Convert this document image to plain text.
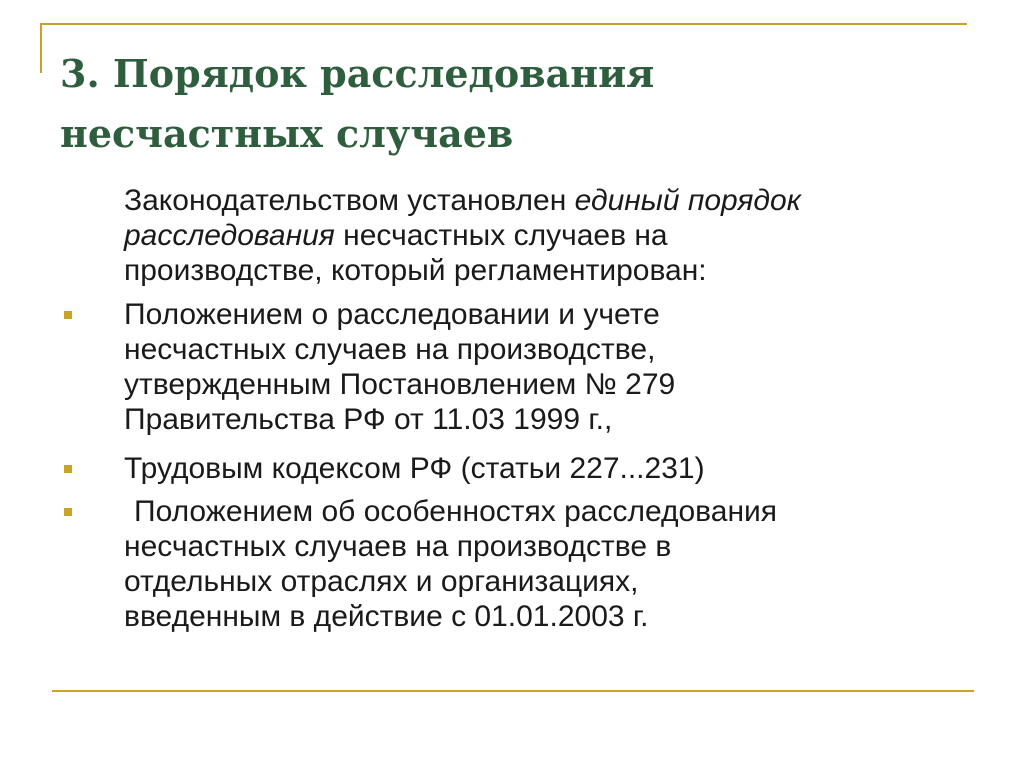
3. Порядок расследования
несчастных случаев

Законодательством установлен единый порядок
расследования несчастных случаев на
производстве, который регламентирован:

Положением о расследовании и учете
несчастных случаев на производстве,
утвержденным Постановлением № 279
Правительства РФ от 11.03 1999 г.,

Трудовым кодексом РФ (статьи 227...231)

Положением об особенностях расследования
несчастных случаев на производстве в
отдельных отраслях и организациях,
введенным в действие с 01.01.2003 г.
